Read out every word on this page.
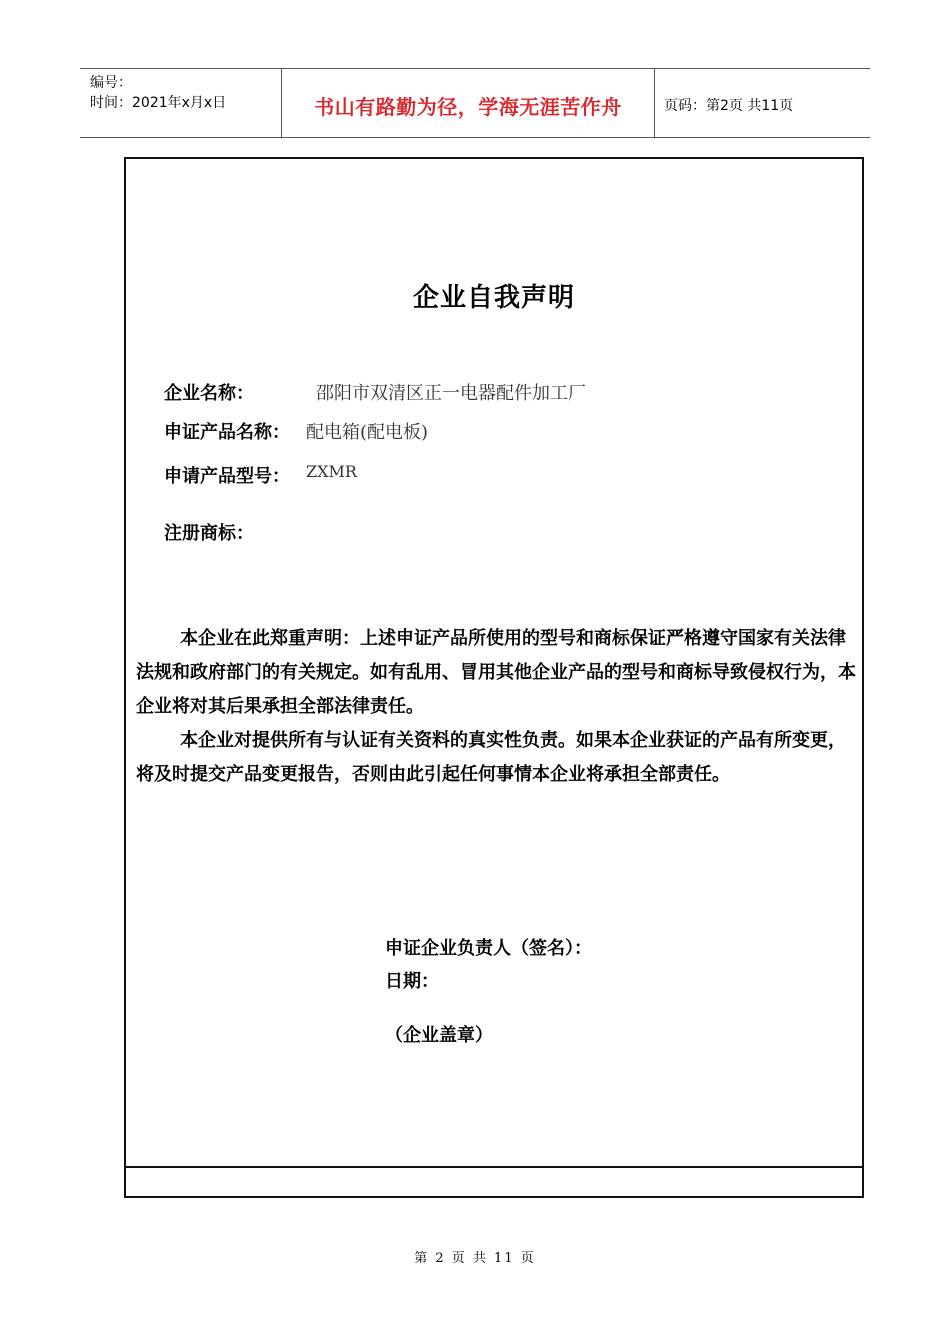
编号：
时间：2021年x月x日	书山有路勤为径，学海无涯苦作舟	页码：第2页 共11页
企业自我声明
企业名称：	邵阳市双清区正一电器配件加工厂
申证产品名称： 配电箱(配电板)
申请产品型号： ZXMR
注册商标：
本企业在此郑重声明：上述申证产品所使用的型号和商标保证严格遵守国家有关法律法规和政府部门的有关规定。如有乱用、冒用其他企业产品的型号和商标导致侵权行为，本企业将对其后果承担全部法律责任。
本企业对提供所有与认证有关资料的真实性负责。如果本企业获证的产品有所变更，将及时提交产品变更报告，否则由此引起任何事情本企业将承担全部责任。
申证企业负责人（签名）：
日期：
（企业盖章）
第 2 页 共 11 页
